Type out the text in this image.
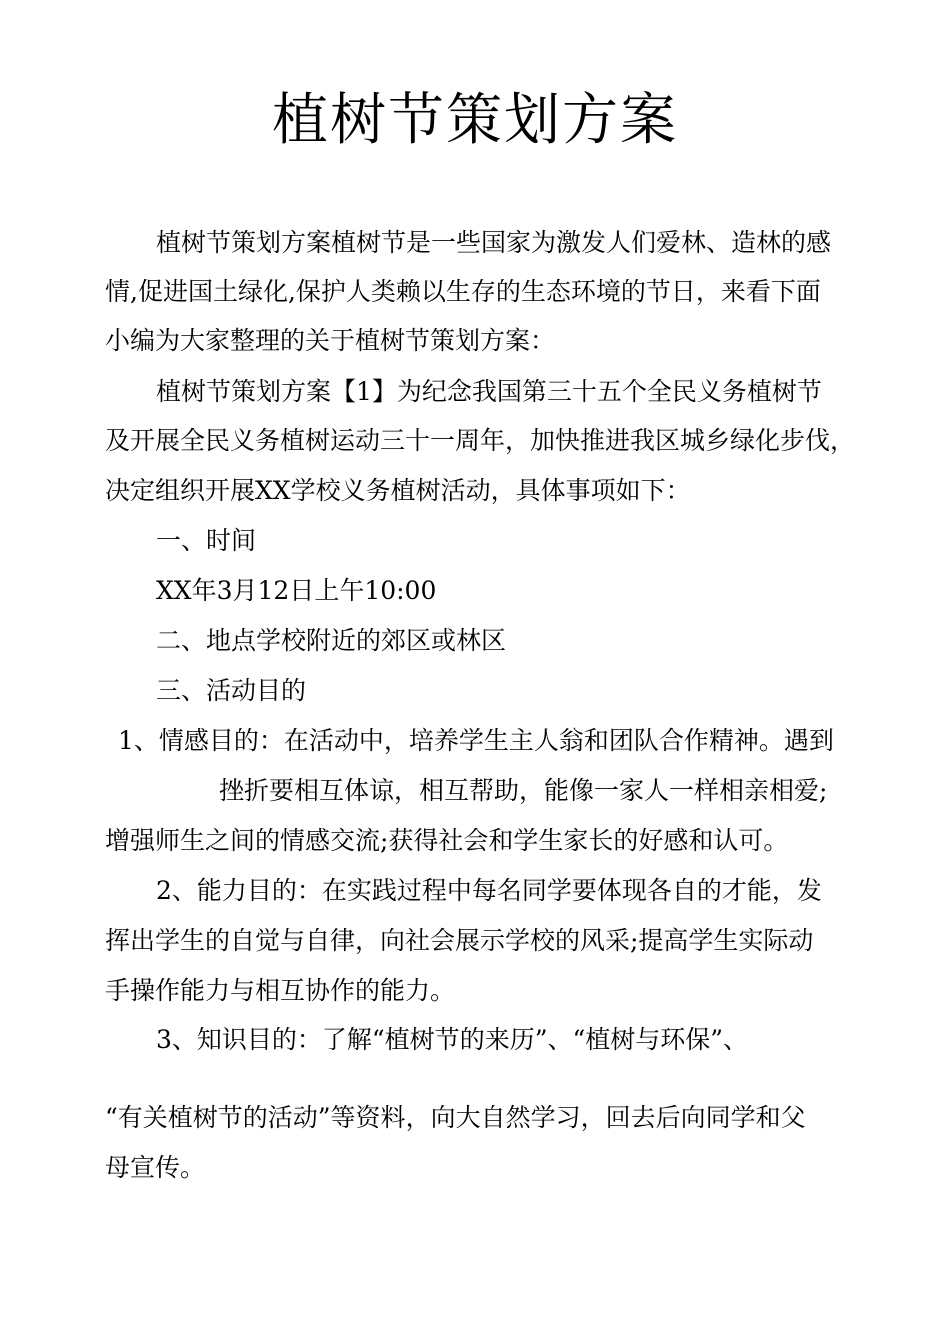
植树节策划方案
植树节策划方案植树节是一些国家为激发人们爱林、造林的感
情,促进国土绿化,保护人类赖以生存的生态环境的节日，来看下面
小编为大家整理的关于植树节策划方案：
植树节策划方案【1】为纪念我国第三十五个全民义务植树节
及开展全民义务植树运动三十一周年，加快推进我区城乡绿化步伐，
决定组织开展XX学校义务植树活动，具体事项如下：
一、时间
XX年3月12日上午10:00
二、地点学校附近的郊区或林区
三、活动目的
1、情感目的：在活动中，培养学生主人翁和团队合作精神。遇到
挫折要相互体谅，相互帮助，能像一家人一样相亲相爱;
增强师生之间的情感交流;获得社会和学生家长的好感和认可。
2、能力目的：在实践过程中每名同学要体现各自的才能，发
挥出学生的自觉与自律，向社会展示学校的风采;提高学生实际动
手操作能力与相互协作的能力。
3、知识目的：了解“植树节的来历”、“植树与环保”、
“有关植树节的活动”等资料，向大自然学习，回去后向同学和父
母宣传。
